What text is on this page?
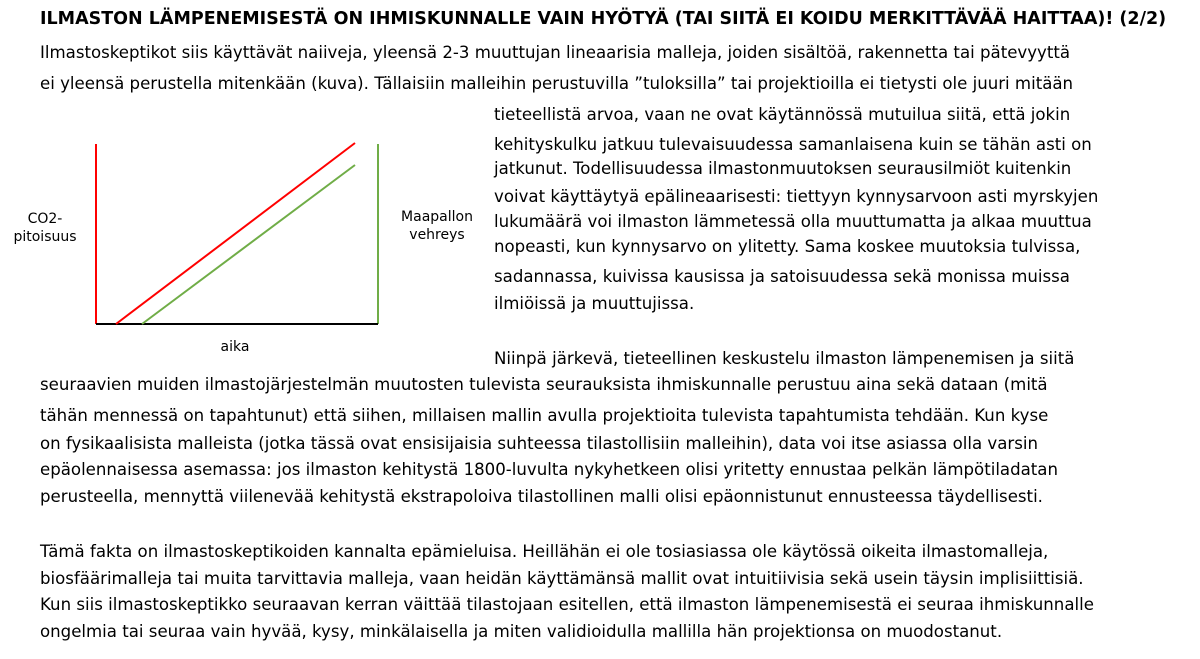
ILMASTON LÄMPENEMISESTÄ ON IHMISKUNNALLE VAIN HYÖTYÄ (TAI SIITÄ EI KOIDU MERKITTÄVÄÄ HAITTAA)! (2/2)
Ilmastoskeptikot siis käyttävät naiiveja, yleensä 2-3 muuttujan lineaarisia malleja, joiden sisältöä, rakennetta tai pätevyyttä
ei yleensä perustella mitenkään (kuva). Tällaisiin malleihin perustuvilla ”tuloksilla” tai projektioilla ei tietysti ole juuri mitään
tieteellistä arvoa, vaan ne ovat käytännössä mutuilua siitä, että jokin
kehityskulku jatkuu tulevaisuudessa samanlaisena kuin se tähän asti on
jatkunut. Todellisuudessa ilmastonmuutoksen seurausilmiöt kuitenkin
voivat käyttäytyä epälineaarisesti: tiettyyn kynnysarvoon asti myrskyjen
lukumäärä voi ilmaston lämmetessä olla muuttumatta ja alkaa muuttua
nopeasti, kun kynnysarvo on ylitetty. Sama koskee muutoksia tulvissa,
sadannassa, kuivissa kausissa ja satoisuudessa sekä monissa muissa
ilmiöissä ja muuttujissa.
CO2-
pitoisuus
Maapallon
vehreys
aika
Niinpä järkevä, tieteellinen keskustelu ilmaston lämpenemisen ja siitä
seuraavien muiden ilmastojärjestelmän muutosten tulevista seurauksista ihmiskunnalle perustuu aina sekä dataan (mitä
tähän mennessä on tapahtunut) että siihen, millaisen mallin avulla projektioita tulevista tapahtumista tehdään. Kun kyse
on fysikaalisista malleista (jotka tässä ovat ensisijaisia suhteessa tilastollisiin malleihin), data voi itse asiassa olla varsin
epäolennaisessa asemassa: jos ilmaston kehitystä 1800-luvulta nykyhetkeen olisi yritetty ennustaa pelkän lämpötiladatan
perusteella, mennyttä viilenevää kehitystä ekstrapoloiva tilastollinen malli olisi epäonnistunut ennusteessa täydellisesti.
Tämä fakta on ilmastoskeptikoiden kannalta epämieluisa. Heillähän ei ole tosiasiassa ole käytössä oikeita ilmastomalleja,
biosfäärimalleja tai muita tarvittavia malleja, vaan heidän käyttämänsä mallit ovat intuitiivisia sekä usein täysin implisiittisiä.
Kun siis ilmastoskeptikko seuraavan kerran väittää tilastojaan esitellen, että ilmaston lämpenemisestä ei seuraa ihmiskunnalle
ongelmia tai seuraa vain hyvää, kysy, minkälaisella ja miten validioidulla mallilla hän projektionsa on muodostanut.
